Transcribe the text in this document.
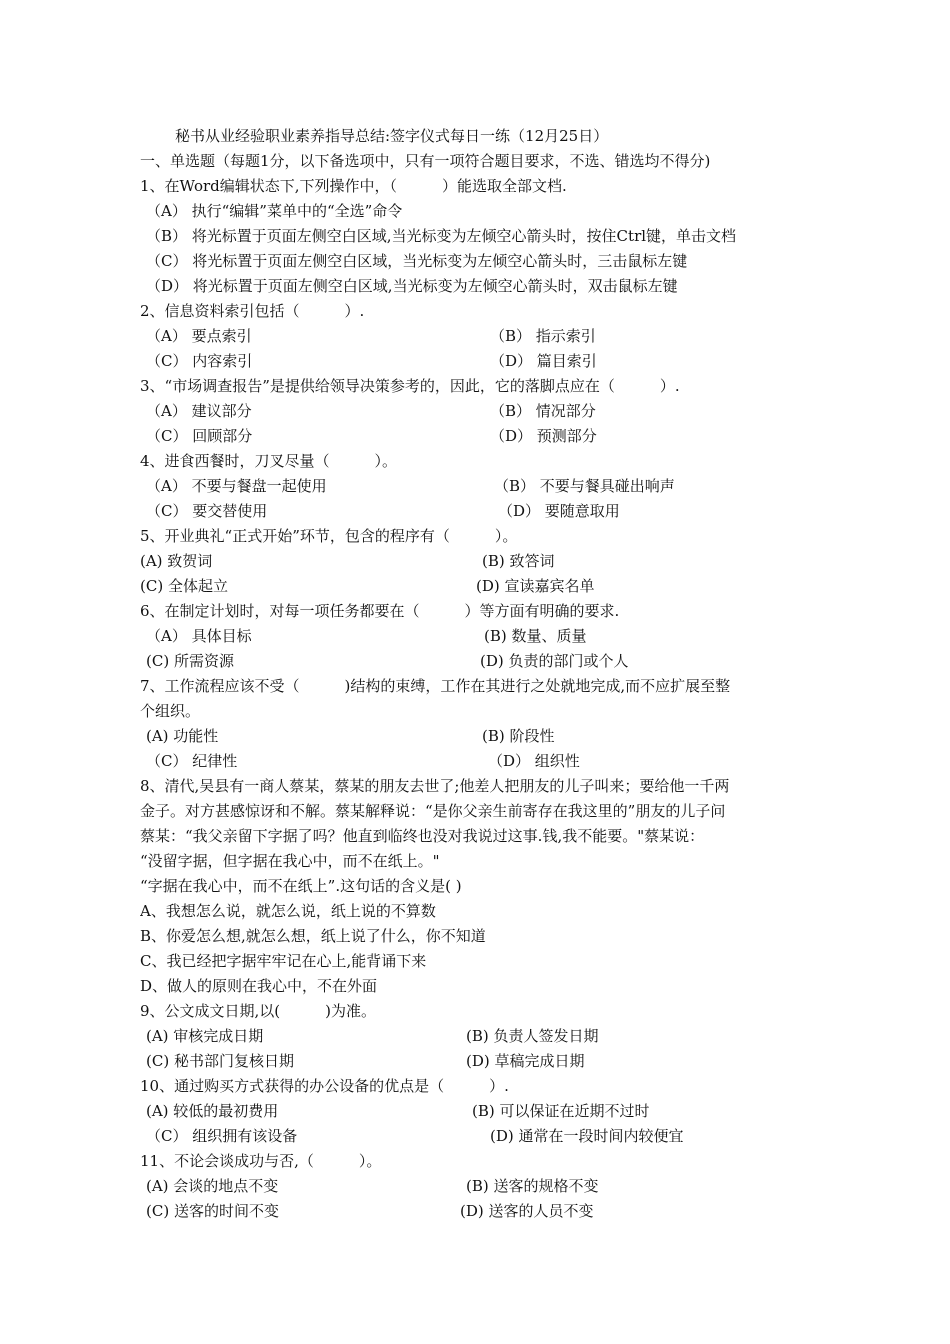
秘书从业经验职业素养指导总结:签字仪式每日一练（12月25日）
一、单选题（每题1分，以下备选项中，只有一项符合题目要求，不选、错选均不得分)
1、在Word编辑状态下,下列操作中，（　　　）能选取全部文档.
（A） 执行“编辑”菜单中的“全选”命令
（B） 将光标置于页面左侧空白区域,当光标变为左倾空心箭头时，按住Ctrl键，单击文档
（C） 将光标置于页面左侧空白区域，当光标变为左倾空心箭头时，三击鼠标左键
（D） 将光标置于页面左侧空白区域,当光标变为左倾空心箭头时，双击鼠标左键
2、信息资料索引包括（　　　）.
（A） 要点索引	（B） 指示索引
（C） 内容索引	（D） 篇目索引
3、“市场调查报告”是提供给领导决策参考的，因此，它的落脚点应在（　　　）.
（A） 建议部分	（B） 情况部分
（C） 回顾部分	（D） 预测部分
4、进食西餐时，刀叉尽量（　　　）。
（A） 不要与餐盘一起使用	（B） 不要与餐具碰出响声
（C） 要交替使用	（D） 要随意取用
5、开业典礼“正式开始”环节，包含的程序有（　　　）。
(A) 致贺词	(B) 致答词
(C) 全体起立	(D) 宣读嘉宾名单
6、在制定计划时，对每一项任务都要在（　　　）等方面有明确的要求.
（A） 具体目标	(B) 数量、质量
(C) 所需资源	(D) 负责的部门或个人
7、工作流程应该不受（　　　)结构的束缚，工作在其进行之处就地完成,而不应扩展至整
个组织。
(A) 功能性	(B) 阶段性
（C） 纪律性	（D） 组织性
8、清代,吴县有一商人蔡某，蔡某的朋友去世了;他差人把朋友的儿子叫来；要给他一千两
金子。对方甚感惊讶和不解。蔡某解释说：“是你父亲生前寄存在我这里的”朋友的儿子问
蔡某：“我父亲留下字据了吗？他直到临终也没对我说过这事.钱,我不能要。"蔡某说：
“没留字据，但字据在我心中，而不在纸上。"
“字据在我心中，而不在纸上”.这句话的含义是( )
A、我想怎么说，就怎么说，纸上说的不算数
B、你爱怎么想,就怎么想，纸上说了什么，你不知道
C、我已经把字据牢牢记在心上,能背诵下来
D、做人的原则在我心中，不在外面
9、公文成文日期,以(　　　)为准。
(A) 审核完成日期	(B) 负责人签发日期
(C) 秘书部门复核日期	(D) 草稿完成日期
10、通过购买方式获得的办公设备的优点是（　　　）.
(A) 较低的最初费用	(B) 可以保证在近期不过时
（C） 组织拥有该设备	(D) 通常在一段时间内较便宜
11、不论会谈成功与否,（　　　）。
(A) 会谈的地点不变	(B) 送客的规格不变
(C) 送客的时间不变	(D) 送客的人员不变
